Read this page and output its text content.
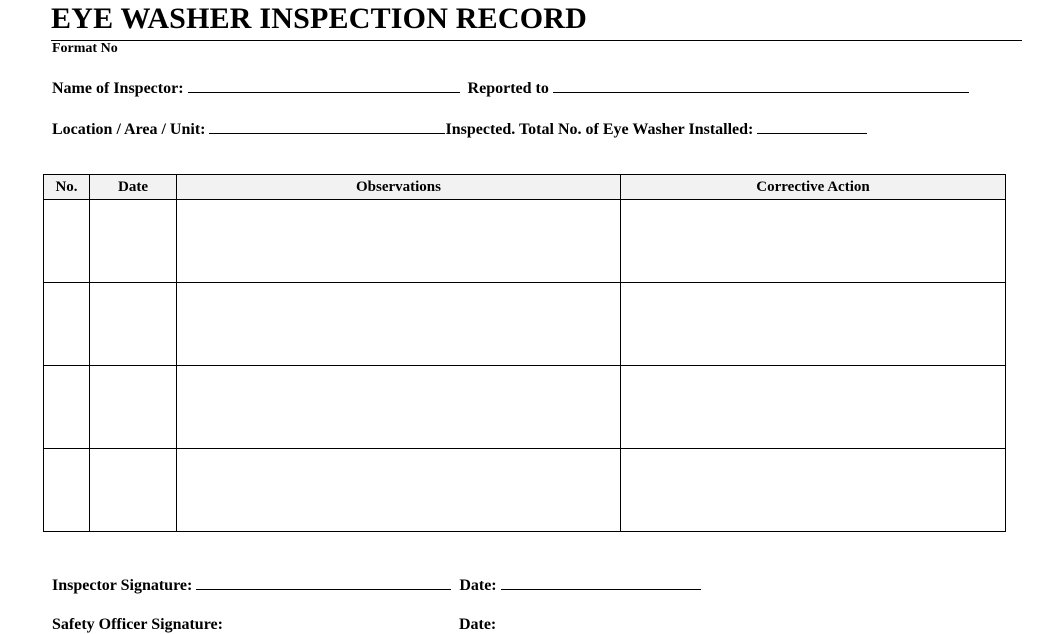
EYE WASHER INSPECTION RECORD
Format No
Name of Inspector:	Reported to
Location / Area / Unit:	Inspected. Total No. of Eye Washer Installed:
No.	Date	Observations	Corrective Action

Inspector Signature:	Date:
Safety Officer Signature:	Date:
